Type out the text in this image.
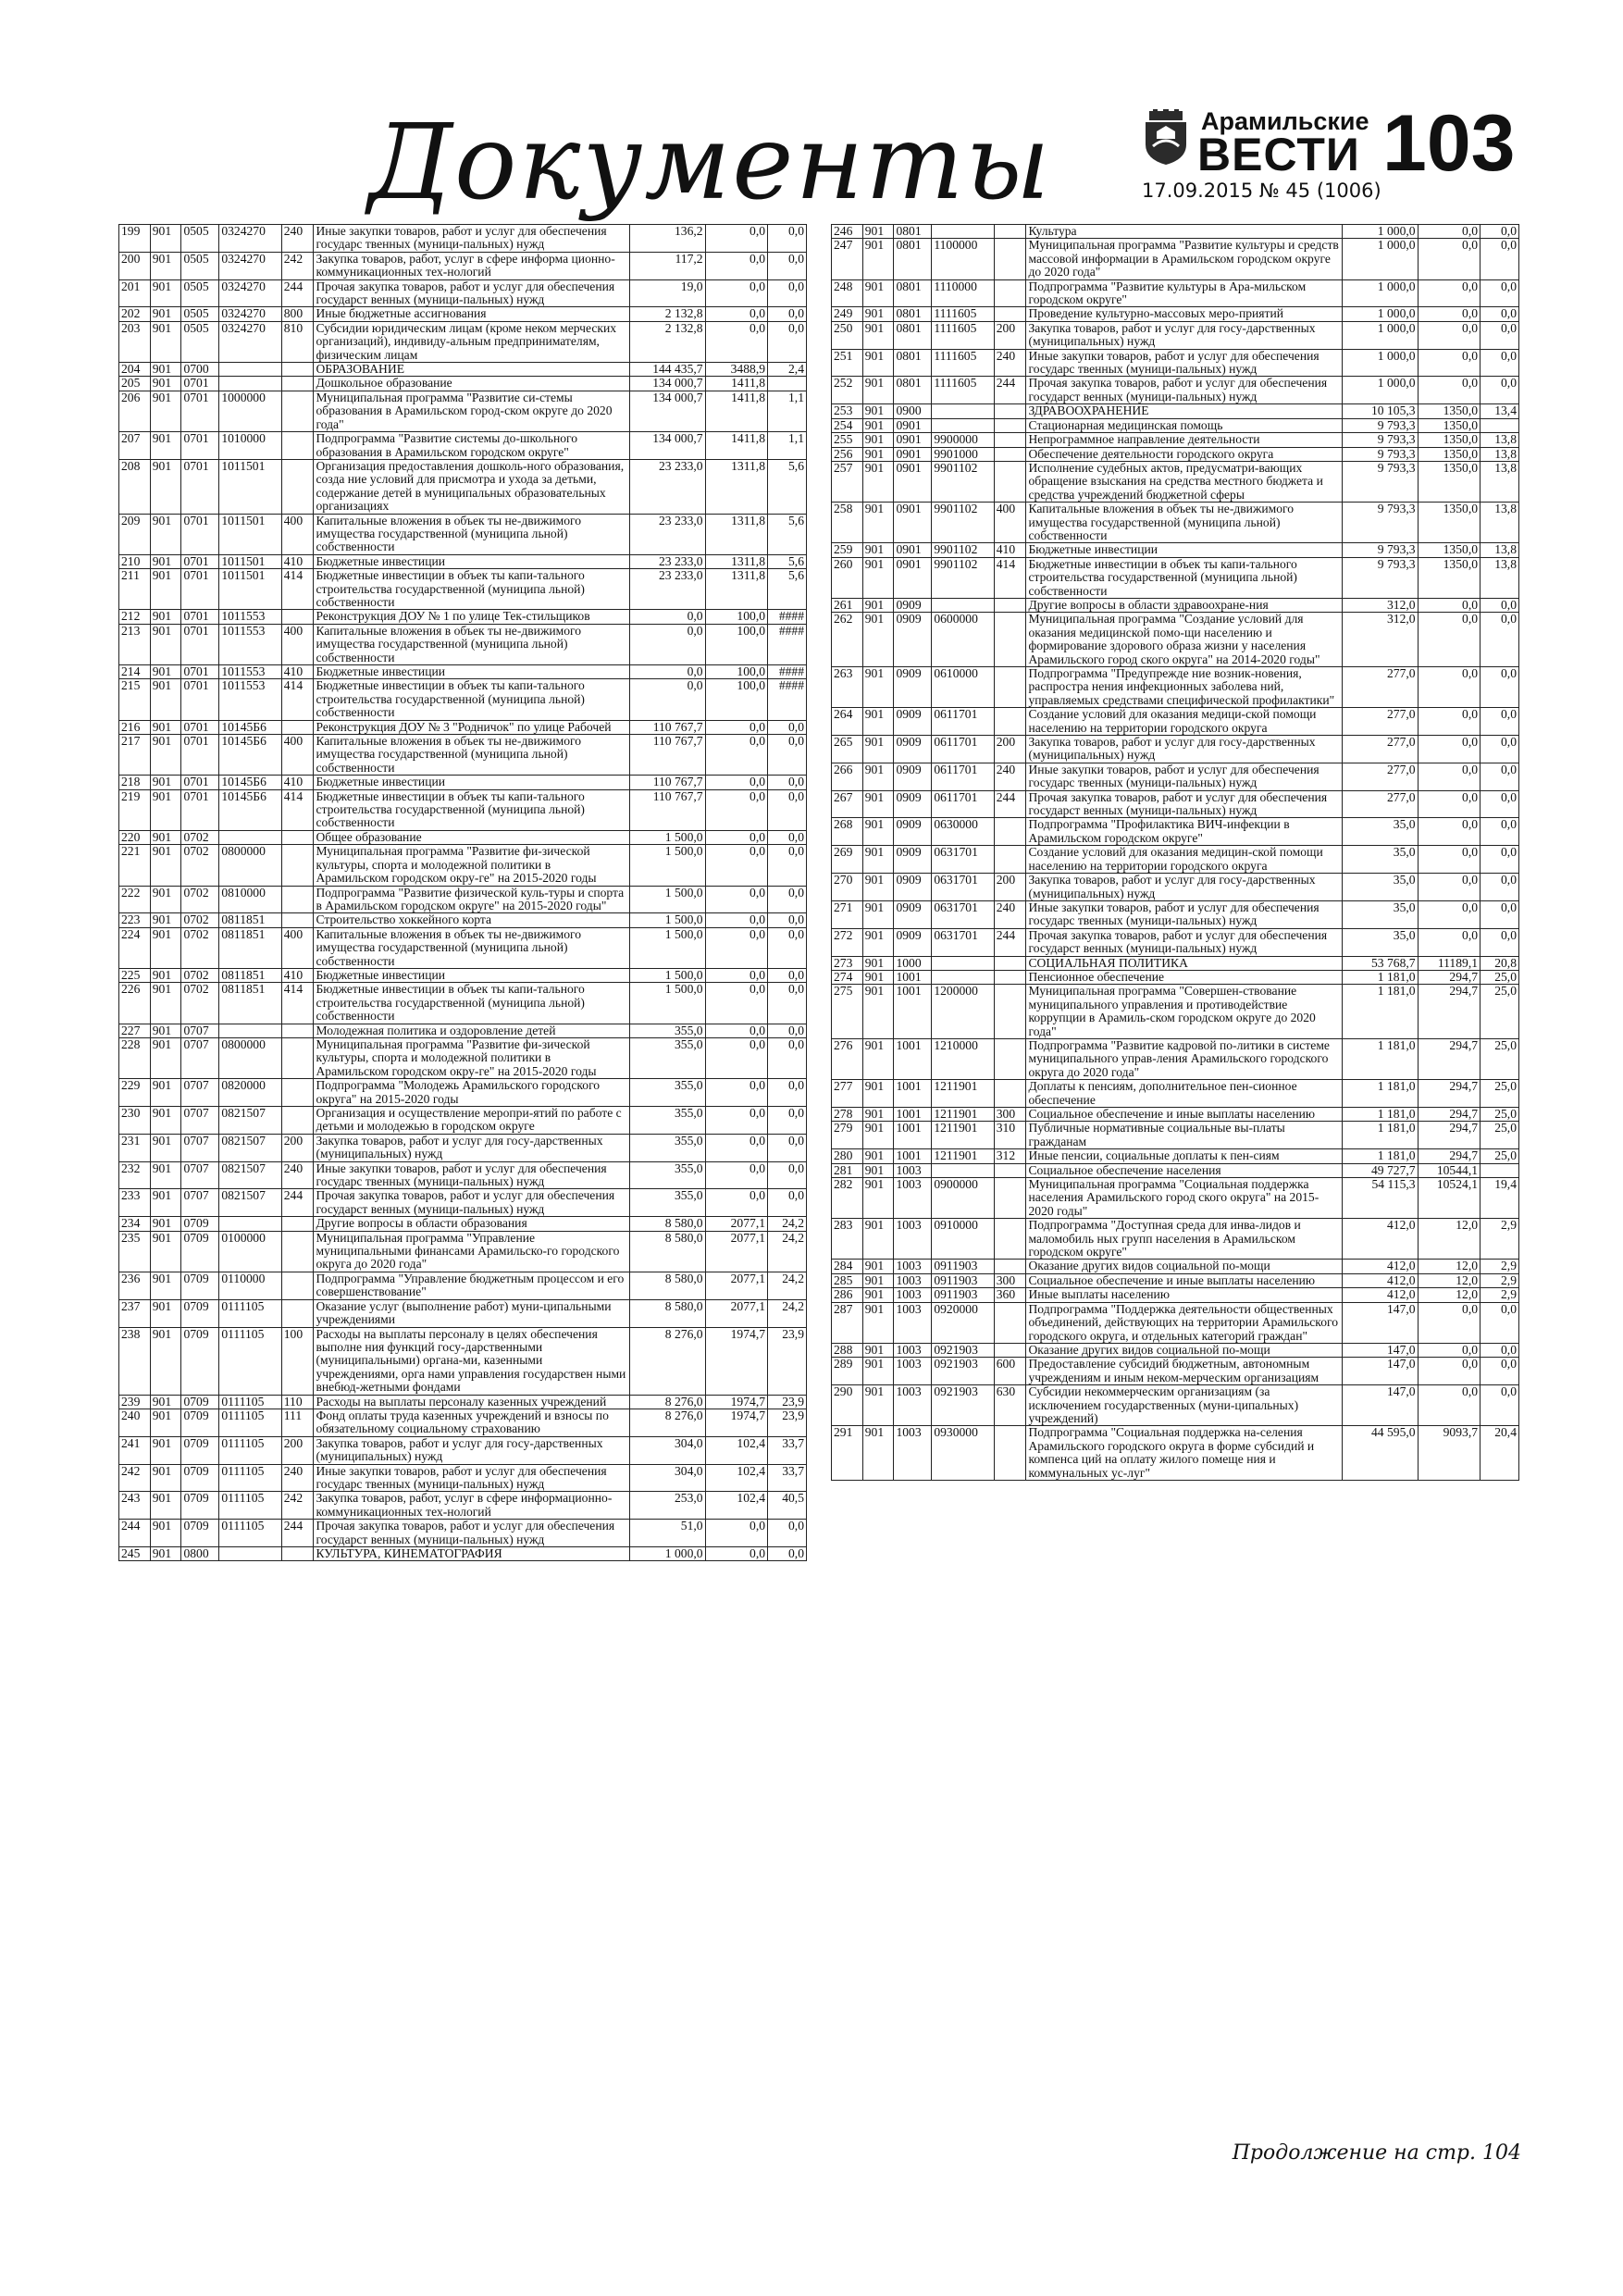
Документы	Арамильские
ВЕСТИ 103
17.09.2015 № 45 (1006)
199	901	0505	0324270	240	Иные закупки товаров, работ и услуг для обеспечения государс твенных (муници-пальных) нужд	136,2	0,0	0,0
200	901	0505	0324270	242	Закупка товаров, работ, услуг в сфере информа ционно-коммуникационных тех-нологий	117,2	0,0	0,0
201	901	0505	0324270	244	Прочая закупка товаров, работ и услуг для обеспечения государст венных (муници-пальных) нужд	19,0	0,0	0,0
202	901	0505	0324270	800	Иные бюджетные ассигнования	2 132,8	0,0	0,0
203	901	0505	0324270	810	Субсидии юридическим лицам (кроме неком мерческих организаций), индивиду-альным предпринимателям, физическим лицам	2 132,8	0,0	0,0
204	901	0700			ОБРАЗОВАНИЕ	144 435,7	3488,9	2,4
205	901	0701			Дошкольное образование	134 000,7	1411,8	
206	901	0701	1000000		Муниципальная программа "Развитие си-стемы образования в Арамильском город-ском округе до 2020 года"	134 000,7	1411,8	1,1
207	901	0701	1010000		Подпрограмма "Развитие системы до-школьного образования в Арамильском городском округе"	134 000,7	1411,8	1,1
208	901	0701	1011501		Организация предоставления дошколь-ного образования, созда ние условий для присмотра и ухода за детьми, содержание детей в муниципальных образовательных организациях	23 233,0	1311,8	5,6
209	901	0701	1011501	400	Капитальные вложения в объек ты не-движимого имущества государственной (муниципа льной) собственности	23 233,0	1311,8	5,6
210	901	0701	1011501	410	Бюджетные инвестиции	23 233,0	1311,8	5,6
211	901	0701	1011501	414	Бюджетные инвестиции в объек ты капи-тального строительства государственной (муниципа льной) собственности	23 233,0	1311,8	5,6
212	901	0701	1011553		Реконструкция ДОУ № 1 по улице Тек-стильщиков	0,0	100,0	####
213	901	0701	1011553	400	Капитальные вложения в объек ты не-движимого имущества государственной (муниципа льной) собственности	0,0	100,0	####
214	901	0701	1011553	410	Бюджетные инвестиции	0,0	100,0	####
215	901	0701	1011553	414	Бюджетные инвестиции в объек ты капи-тального строительства государственной (муниципа льной) собственности	0,0	100,0	####
216	901	0701	10145Б6		Реконструкция ДОУ № 3 "Родничок" по улице Рабочей	110 767,7	0,0	0,0
217	901	0701	10145Б6	400	Капитальные вложения в объек ты не-движимого имущества государственной (муниципа льной) собственности	110 767,7	0,0	0,0
218	901	0701	10145Б6	410	Бюджетные инвестиции	110 767,7	0,0	0,0
219	901	0701	10145Б6	414	Бюджетные инвестиции в объек ты капи-тального строительства государственной (муниципа льной) собственности	110 767,7	0,0	0,0
220	901	0702			Общее образование	1 500,0	0,0	0,0
221	901	0702	0800000		Муниципальная программа "Развитие фи-зической культуры, спорта и молодежной политики в Арамильском городском окру-ге" на 2015-2020 годы	1 500,0	0,0	0,0
222	901	0702	0810000		Подпрограмма "Развитие физической куль-туры и спорта в Арамильском городском округе" на 2015-2020 годы"	1 500,0	0,0	0,0
223	901	0702	0811851		Строительство хоккейного корта	1 500,0	0,0	0,0
224	901	0702	0811851	400	Капитальные вложения в объек ты не-движимого имущества государственной (муниципа льной) собственности	1 500,0	0,0	0,0
225	901	0702	0811851	410	Бюджетные инвестиции	1 500,0	0,0	0,0
226	901	0702	0811851	414	Бюджетные инвестиции в объек ты капи-тального строительства государственной (муниципа льной) собственности	1 500,0	0,0	0,0
227	901	0707			Молодежная политика и оздоровление детей	355,0	0,0	0,0
228	901	0707	0800000		Муниципальная программа "Развитие фи-зической культуры, спорта и молодежной политики в Арамильском городском окру-ге" на 2015-2020 годы	355,0	0,0	0,0
229	901	0707	0820000		Подпрограмма "Молодежь Арамильского городского округа" на 2015-2020 годы	355,0	0,0	0,0
230	901	0707	0821507		Организация и осуществление меропри-ятий по работе с детьми и молодежью в городском округе	355,0	0,0	0,0
231	901	0707	0821507	200	Закупка товаров, работ и услуг для госу-дарственных (муниципальных) нужд	355,0	0,0	0,0
232	901	0707	0821507	240	Иные закупки товаров, работ и услуг для обеспечения государс твенных (муници-пальных) нужд	355,0	0,0	0,0
233	901	0707	0821507	244	Прочая закупка товаров, работ и услуг для обеспечения государст венных (муници-пальных) нужд	355,0	0,0	0,0
234	901	0709			Другие вопросы в области образования	8 580,0	2077,1	24,2
235	901	0709	0100000		Муниципальная программа "Управление муниципальными финансами Арамильско-го городского округа до 2020 года"	8 580,0	2077,1	24,2
236	901	0709	0110000		Подпрограмма "Управление бюджетным процессом и его совершенствование"	8 580,0	2077,1	24,2
237	901	0709	0111105		Оказание услуг (выполнение работ) муни-ципальными учреждениями	8 580,0	2077,1	24,2
238	901	0709	0111105	100	Расходы на выплаты персоналу в целях обеспечения выполне ния функций госу-дарственными (муниципальными) органа-ми, казенными учреждениями, орга нами управления государствен ными внебюд-жетными фондами	8 276,0	1974,7	23,9
239	901	0709	0111105	110	Расходы на выплаты персоналу казенных учреждений	8 276,0	1974,7	23,9
240	901	0709	0111105	111	Фонд оплаты труда казенных учреждений и взносы по обязательному социальному страхованию	8 276,0	1974,7	23,9
241	901	0709	0111105	200	Закупка товаров, работ и услуг для госу-дарственных (муниципальных) нужд	304,0	102,4	33,7
242	901	0709	0111105	240	Иные закупки товаров, работ и услуг для обеспечения государс твенных (муници-пальных) нужд	304,0	102,4	33,7
243	901	0709	0111105	242	Закупка товаров, работ, услуг в сфере информационно-коммуникационных тех-нологий	253,0	102,4	40,5
244	901	0709	0111105	244	Прочая закупка товаров, работ и услуг для обеспечения государст венных (муници-пальных) нужд	51,0	0,0	0,0
245	901	0800			КУЛЬТУРА, КИНЕМАТОГРАФИЯ	1 000,0	0,0	0,0
246	901	0801			Культура	1 000,0	0,0	0,0
247	901	0801	1100000		Муниципальная программа "Развитие культуры и средств массовой информации в Арамильском городском округе до 2020 года"	1 000,0	0,0	0,0
248	901	0801	1110000		Подпрограмма "Развитие культуры в Ара-мильском городском округе"	1 000,0	0,0	0,0
249	901	0801	1111605		Проведение культурно-массовых меро-приятий	1 000,0	0,0	0,0
250	901	0801	1111605	200	Закупка товаров, работ и услуг для госу-дарственных (муниципальных) нужд	1 000,0	0,0	0,0
251	901	0801	1111605	240	Иные закупки товаров, работ и услуг для обеспечения государс твенных (муници-пальных) нужд	1 000,0	0,0	0,0
252	901	0801	1111605	244	Прочая закупка товаров, работ и услуг для обеспечения государст венных (муници-пальных) нужд	1 000,0	0,0	0,0
253	901	0900			ЗДРАВООХРАНЕНИЕ	10 105,3	1350,0	13,4
254	901	0901			Стационарная медицинская помощь	9 793,3	1350,0	
255	901	0901	9900000		Непрограммное направление деятельности	9 793,3	1350,0	13,8
256	901	0901	9901000		Обеспечение деятельности городского округа	9 793,3	1350,0	13,8
257	901	0901	9901102		Исполнение судебных актов, предусматри-вающих обращение взыскания на средства местного бюджета и средства учреждений бюджетной сферы	9 793,3	1350,0	13,8
258	901	0901	9901102	400	Капитальные вложения в объек ты не-движимого имущества государственной (муниципа льной) собственности	9 793,3	1350,0	13,8
259	901	0901	9901102	410	Бюджетные инвестиции	9 793,3	1350,0	13,8
260	901	0901	9901102	414	Бюджетные инвестиции в объек ты капи-тального строительства государственной (муниципа льной) собственности	9 793,3	1350,0	13,8
261	901	0909			Другие вопросы в области здравоохране-ния	312,0	0,0	0,0
262	901	0909	0600000		Муниципальная программа "Создание условий для оказания медицинской помо-щи населению и формирование здорового образа жизни у населения Арамильского город ского округа" на 2014-2020 годы"	312,0	0,0	0,0
263	901	0909	0610000		Подпрограмма "Предупрежде ние возник-новения, распростра нения инфекционных заболева ний, управляемых средствами специфической профилактики"	277,0	0,0	0,0
264	901	0909	0611701		Создание условий для оказания медици-ской помощи населению на территории городского округа	277,0	0,0	0,0
265	901	0909	0611701	200	Закупка товаров, работ и услуг для госу-дарственных (муниципальных) нужд	277,0	0,0	0,0
266	901	0909	0611701	240	Иные закупки товаров, работ и услуг для обеспечения государс твенных (муници-пальных) нужд	277,0	0,0	0,0
267	901	0909	0611701	244	Прочая закупка товаров, работ и услуг для обеспечения государст венных (муници-пальных) нужд	277,0	0,0	0,0
268	901	0909	0630000		Подпрограмма "Профилактика ВИЧ-инфекции в Арамильском городском округе"	35,0	0,0	0,0
269	901	0909	0631701		Создание условий для оказания медицин-ской помощи населению на территории городского округа	35,0	0,0	0,0
270	901	0909	0631701	200	Закупка товаров, работ и услуг для госу-дарственных (муниципальных) нужд	35,0	0,0	0,0
271	901	0909	0631701	240	Иные закупки товаров, работ и услуг для обеспечения государс твенных (муници-пальных) нужд	35,0	0,0	0,0
272	901	0909	0631701	244	Прочая закупка товаров, работ и услуг для обеспечения государст венных (муници-пальных) нужд	35,0	0,0	0,0
273	901	1000			СОЦИАЛЬНАЯ ПОЛИТИКА	53 768,7	11189,1	20,8
274	901	1001			Пенсионное обеспечение	1 181,0	294,7	25,0
275	901	1001	1200000		Муниципальная программа "Совершен-ствование муниципального управления и противодействие коррупции в Арамиль-ском городском округе до 2020 года"	1 181,0	294,7	25,0
276	901	1001	1210000		Подпрограмма "Развитие кадровой по-литики в системе муниципального управ-ления Арамильского городского округа до 2020 года"	1 181,0	294,7	25,0
277	901	1001	1211901		Доплаты к пенсиям, дополнительное пен-сионное обеспечение	1 181,0	294,7	25,0
278	901	1001	1211901	300	Социальное обеспечение и иные выплаты населению	1 181,0	294,7	25,0
279	901	1001	1211901	310	Публичные нормативные социальные вы-платы гражданам	1 181,0	294,7	25,0
280	901	1001	1211901	312	Иные пенсии, социальные доплаты к пен-сиям	1 181,0	294,7	25,0
281	901	1003			Социальное обеспечение населения	49 727,7	10544,1	
282	901	1003	0900000		Муниципальная программа "Социальная поддержка населения Арамильского город ского округа" на 2015-2020 годы"	54 115,3	10524,1	19,4
283	901	1003	0910000		Подпрограмма "Доступная среда для инва-лидов и маломобиль ных групп населения в Арамильском городском округе"	412,0	12,0	2,9
284	901	1003	0911903		Оказание других видов социальной по-мощи	412,0	12,0	2,9
285	901	1003	0911903	300	Социальное обеспечение и иные выплаты населению	412,0	12,0	2,9
286	901	1003	0911903	360	Иные выплаты населению	412,0	12,0	2,9
287	901	1003	0920000		Подпрограмма "Поддержка деятельности общественных объединений, действующих на территории Арамильского городского округа, и отдельных категорий граждан"	147,0	0,0	0,0
288	901	1003	0921903		Оказание других видов социальной по-мощи	147,0	0,0	0,0
289	901	1003	0921903	600	Предоставление субсидий бюджетным, автономным учреждениям и иным неком-мерческим организациям	147,0	0,0	0,0
290	901	1003	0921903	630	Субсидии некоммерческим организациям (за исключением государственных (муни-ципальных) учреждений)	147,0	0,0	0,0
291	901	1003	0930000		Подпрограмма "Социальная поддержка на-селения Арамильского городского округа в форме субсидий и компенса ций на оплату жилого помеще ния и коммунальных ус-луг"	44 595,0	9093,7	20,4
Продолжение на стр. 104
